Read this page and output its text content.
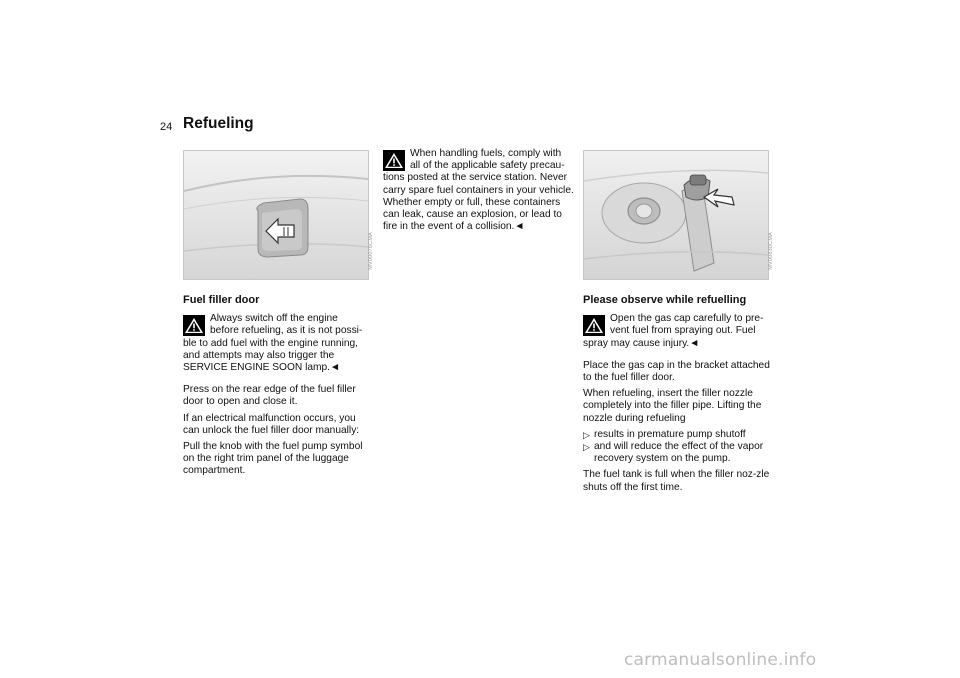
24 Refueling
MV00076CMA	MV00830CMA
Fuel filler door
Always switch off the engine
before refueling, as it is not possi-ble to add fuel with the engine running, and attempts may also trigger the SERVICE ENGINE SOON lamp.◄

Press on the rear edge of the fuel filler door to open and close it.

If an electrical malfunction occurs, you can unlock the fuel filler door manually:

Pull the knob with the fuel pump symbol on the right trim panel of the luggage compartment.

When handling fuels, comply with
all of the applicable safety precau-tions posted at the service station. Never carry spare fuel containers in your vehicle. Whether empty or full, these containers can leak, cause an explosion, or lead to fire in the event of a collision.◄
Please observe while refuelling
Open the gas cap carefully to pre-
vent fuel from spraying out. Fuel spray may cause injury.◄

Place the gas cap in the bracket attached to the fuel filler door.

When refueling, insert the filler nozzle completely into the filler pipe. Lifting the nozzle during refueling

▷ results in premature pump shutoff
▷ and will reduce the effect of the vapor recovery system on the pump.

The fuel tank is full when the filler noz-zle shuts off the first time.

carmanualsonline.info
